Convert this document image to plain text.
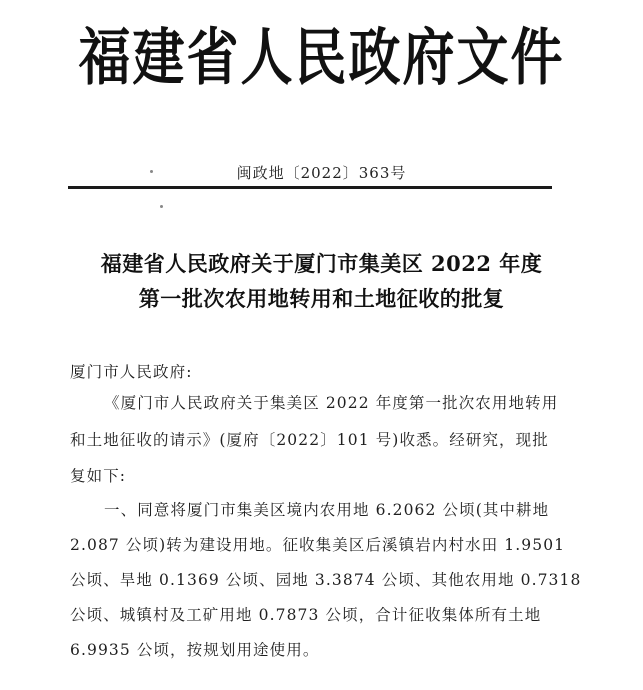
福建省人民政府文件
闽政地〔2022〕363号
福建省人民政府关于厦门市集美区 2022 年度
第一批次农用地转用和土地征收的批复
厦门市人民政府:
《厦门市人民政府关于集美区 2022 年度第一批次农用地转用
和土地征收的请示》(厦府〔2022〕101 号)收悉。经研究，现批
复如下:
一、同意将厦门市集美区境内农用地 6.2062 公顷(其中耕地
2.087 公顷)转为建设用地。征收集美区后溪镇岩内村水田 1.9501
公顷、旱地 0.1369 公顷、园地 3.3874 公顷、其他农用地 0.7318
公顷、城镇村及工矿用地 0.7873 公顷，合计征收集体所有土地
6.9935 公顷，按规划用途使用。
